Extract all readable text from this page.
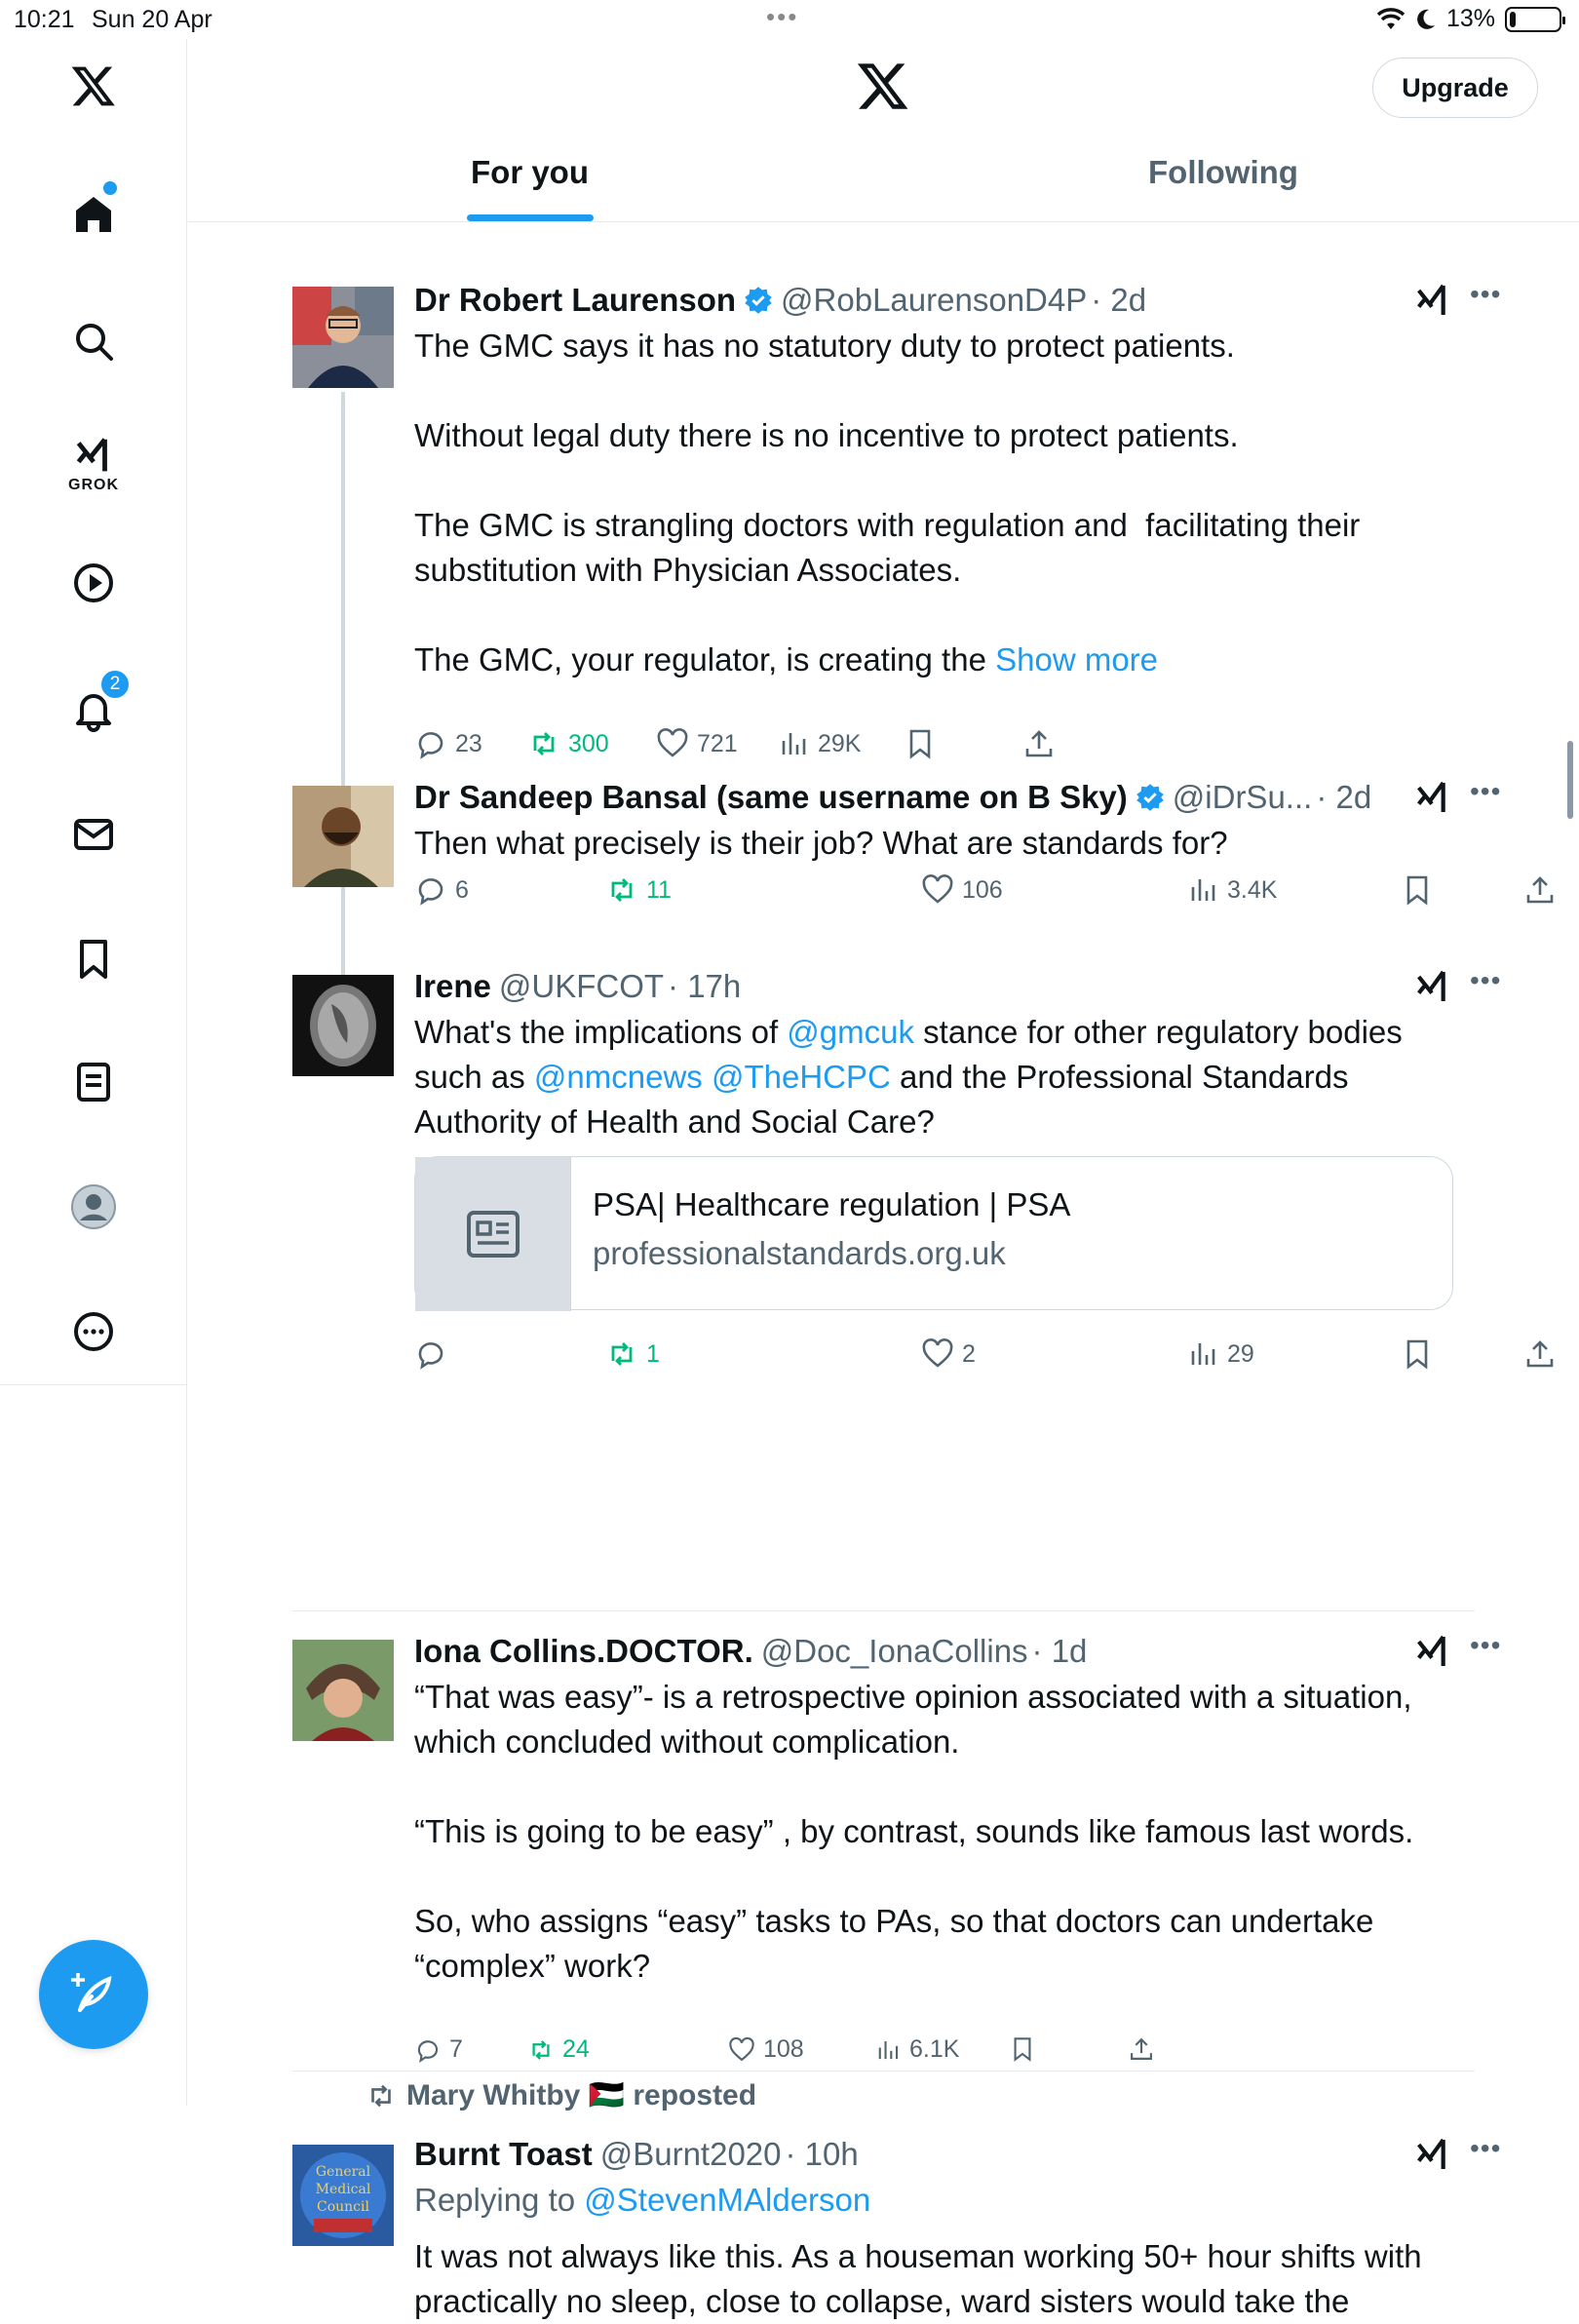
10:21 Sun 20 Apr	•••	13%
GROK
2
Upgrade
For you	Following
Dr Robert Laurenson @RobLaurensonD4P · 2d	•••
The GMC says it has no statutory duty to protect patients.

Without legal duty there is no incentive to protect patients.

The GMC is strangling doctors with regulation and  facilitating their substitution with Physician Associates.

The GMC, your regulator, is creating the Show more
23	300	721	29K
Dr Sandeep Bansal (same username on B Sky) @iDrSu... · 2d	•••
Then what precisely is their job? What are standards for?
6	11	106	3.4K
Irene @UKFCOT · 17h	•••
What's the implications of @gmcuk stance for other regulatory bodies such as @nmcnews @TheHCPC and the Professional Standards Authority of Health and Social Care?
PSA| Healthcare regulation | PSA
professionalstandards.org.uk
1	2	29
Iona Collins.DOCTOR. @Doc_IonaCollins · 1d	•••
“That was easy”- is a retrospective opinion associated with a situation, which concluded without complication.

“This is going to be easy” , by contrast, sounds like famous last words.

So, who assigns “easy” tasks to PAs, so that doctors can undertake “complex” work?
7	24	108	6.1K
Mary Whitby 🇵🇸 reposted
General
Medical
Council
Burnt Toast @Burnt2020 · 10h	•••
Replying to @StevenMAlderson
It was not always like this. As a houseman working 50+ hour shifts with practically no sleep, close to collapse, ward sisters would take the
